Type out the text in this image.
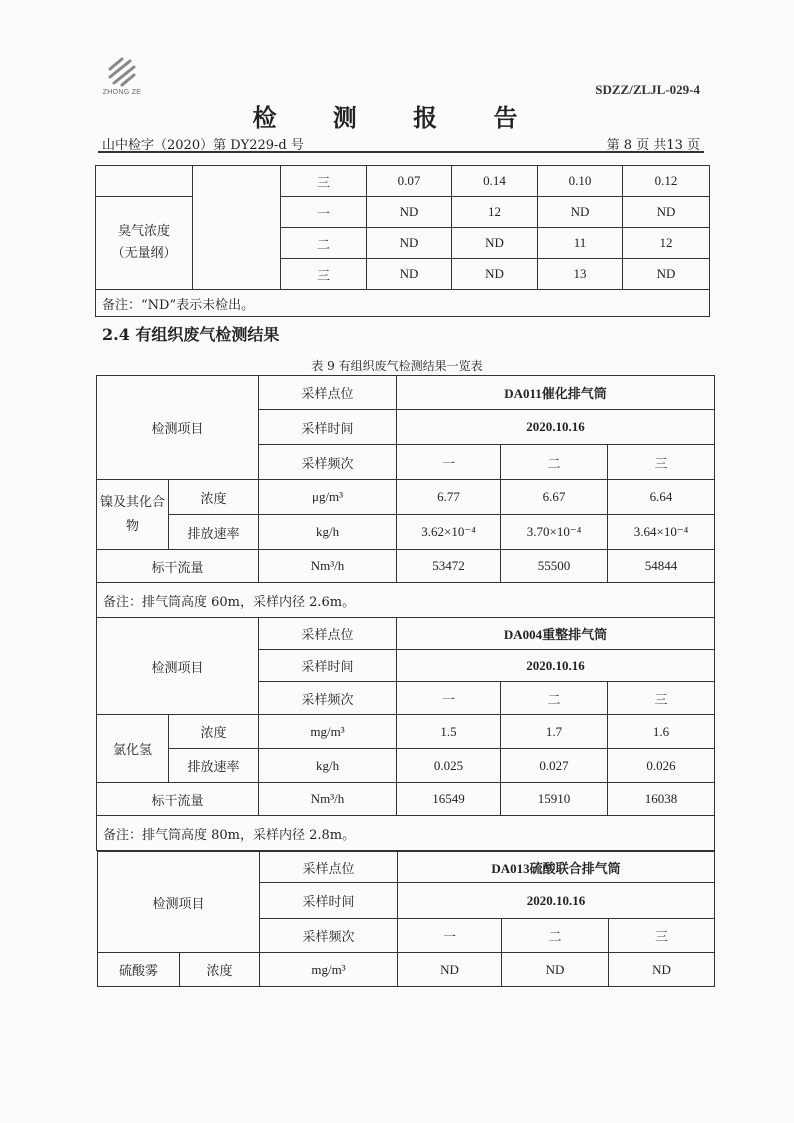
ZHONG ZE	SDZZ/ZLJL-029-4
检 测 报 告
山中检字（2020）第 DY229-d 号	第 8 页 共13 页
		三	0.07	0.14	0.10	0.12

臭气浓度
（无量纲）		一	ND	12	ND	ND
		二	ND	ND	11	12
		三	ND	ND	13	ND
备注：“ND”表示未检出。						
2.4 有组织废气检测结果
表 9 有组织废气检测结果一览表
检测项目		采样点位	DA011催化排气筒		
		采样时间	2020.10.16		
		采样频次	一	二	三
镍及其化合物	浓度	μg/m³	6.77	6.67	6.64
	排放速率	kg/h	3.62×10⁻⁴	3.70×10⁻⁴	3.64×10⁻⁴
标干流量		Nm³/h	53472	55500	54844
备注：排气筒高度 60m，采样内径 2.6m。					
检测项目		采样点位	DA004重整排气筒		
		采样时间	2020.10.16		
		采样频次	一	二	三
氯化氢	浓度	mg/m³	1.5	1.7	1.6
	排放速率	kg/h	0.025	0.027	0.026
标干流量		Nm³/h	16549	15910	16038
备注：排气筒高度 80m，采样内径 2.8m。					
检测项目		采样点位	DA013硫酸联合排气筒		
		采样时间	2020.10.16		
		采样频次	一	二	三
硫酸雾	浓度	mg/m³	ND	ND	ND
